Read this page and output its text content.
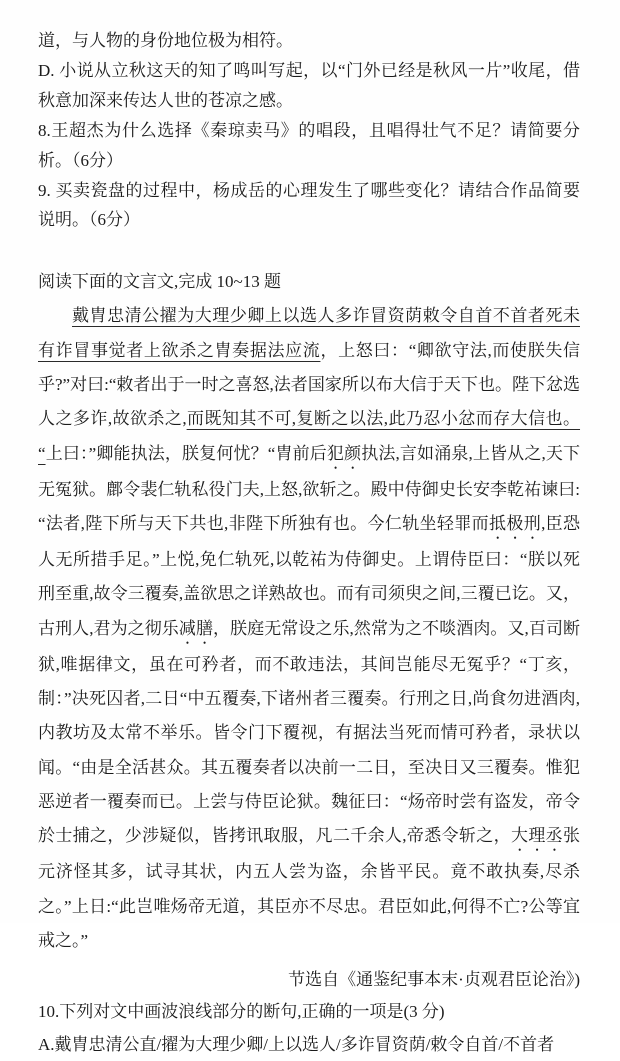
道，与人物的身份地位极为相符。

D. 小说从立秋这天的知了鸣叫写起，以“门外已经是秋风一片”收尾，借秋意加深来传达人世的苍凉之感。

8.王超杰为什么选择《秦琼卖马》的唱段，且唱得壮气不足？请简要分析。（6分）

9. 买卖瓷盘的过程中，杨成岳的心理发生了哪些变化？请结合作品简要说明。（6分）

阅读下面的文言文,完成 10~13 题

戴胄忠清公擢为大理少卿上以选人多诈冒资荫敕令自首不首者死未有诈冒事觉者上欲杀之胄奏据法应流，上怒曰：“卿欲守法,而使朕失信乎?”对曰:“敕者出于一时之喜怒,法者国家所以布大信于天下也。陛下忿选人之多诈,故欲杀之,而既知其不可,复断之以法,此乃忍小忿而存大信也。“上曰：”卿能执法，朕复何忧？“胄前后犯颜执法,言如涌泉,上皆从之,天下无冤狱。鄜令裴仁轨私役门夫,上怒,欲斩之。殿中侍御史长安李乾祐谏曰:“法者,陛下所与天下共也,非陛下所独有也。今仁轨坐轻罪而抵极刑,臣恐人无所措手足。”上悦,免仁轨死,以乾祐为侍御史。上谓侍臣曰：“朕以死刑至重,故令三覆奏,盖欲思之详熟故也。而有司须臾之间,三覆已讫。又，古刑人,君为之彻乐减膳，朕庭无常设之乐,然常为之不啖酒肉。又,百司断狱,唯据律文，虽在可矜者，而不敢违法，其间岂能尽无冤乎？“丁亥，制：”决死囚者,二日“中五覆奏,下诸州者三覆奏。行刑之日,尚食勿进酒肉,内教坊及太常不举乐。皆令门下覆视，有据法当死而情可矜者，录状以闻。“由是全活甚众。其五覆奏者以决前一二日，至决日又三覆奏。惟犯恶逆者一覆奏而已。上尝与侍臣论狱。魏征曰：“炀帝时尝有盗发，帝令於士捕之，少涉疑似，皆拷讯取服，凡二千余人,帝悉令斩之，大理丞张元济怪其多，试寻其状，内五人尝为盗，余皆平民。竟不敢执奏,尽杀之。”上日:“此岂唯炀帝无道，其臣亦不尽忠。君臣如此,何得不亡?公等宜戒之。”

节选自《通鉴纪事本末·贞观君臣论治》)

10.下列对文中画波浪线部分的断句,正确的一项是(3 分)

A.戴胄忠清公直/擢为大理少卿/上以选人/多诈冒资荫/敕令自首/不首者
